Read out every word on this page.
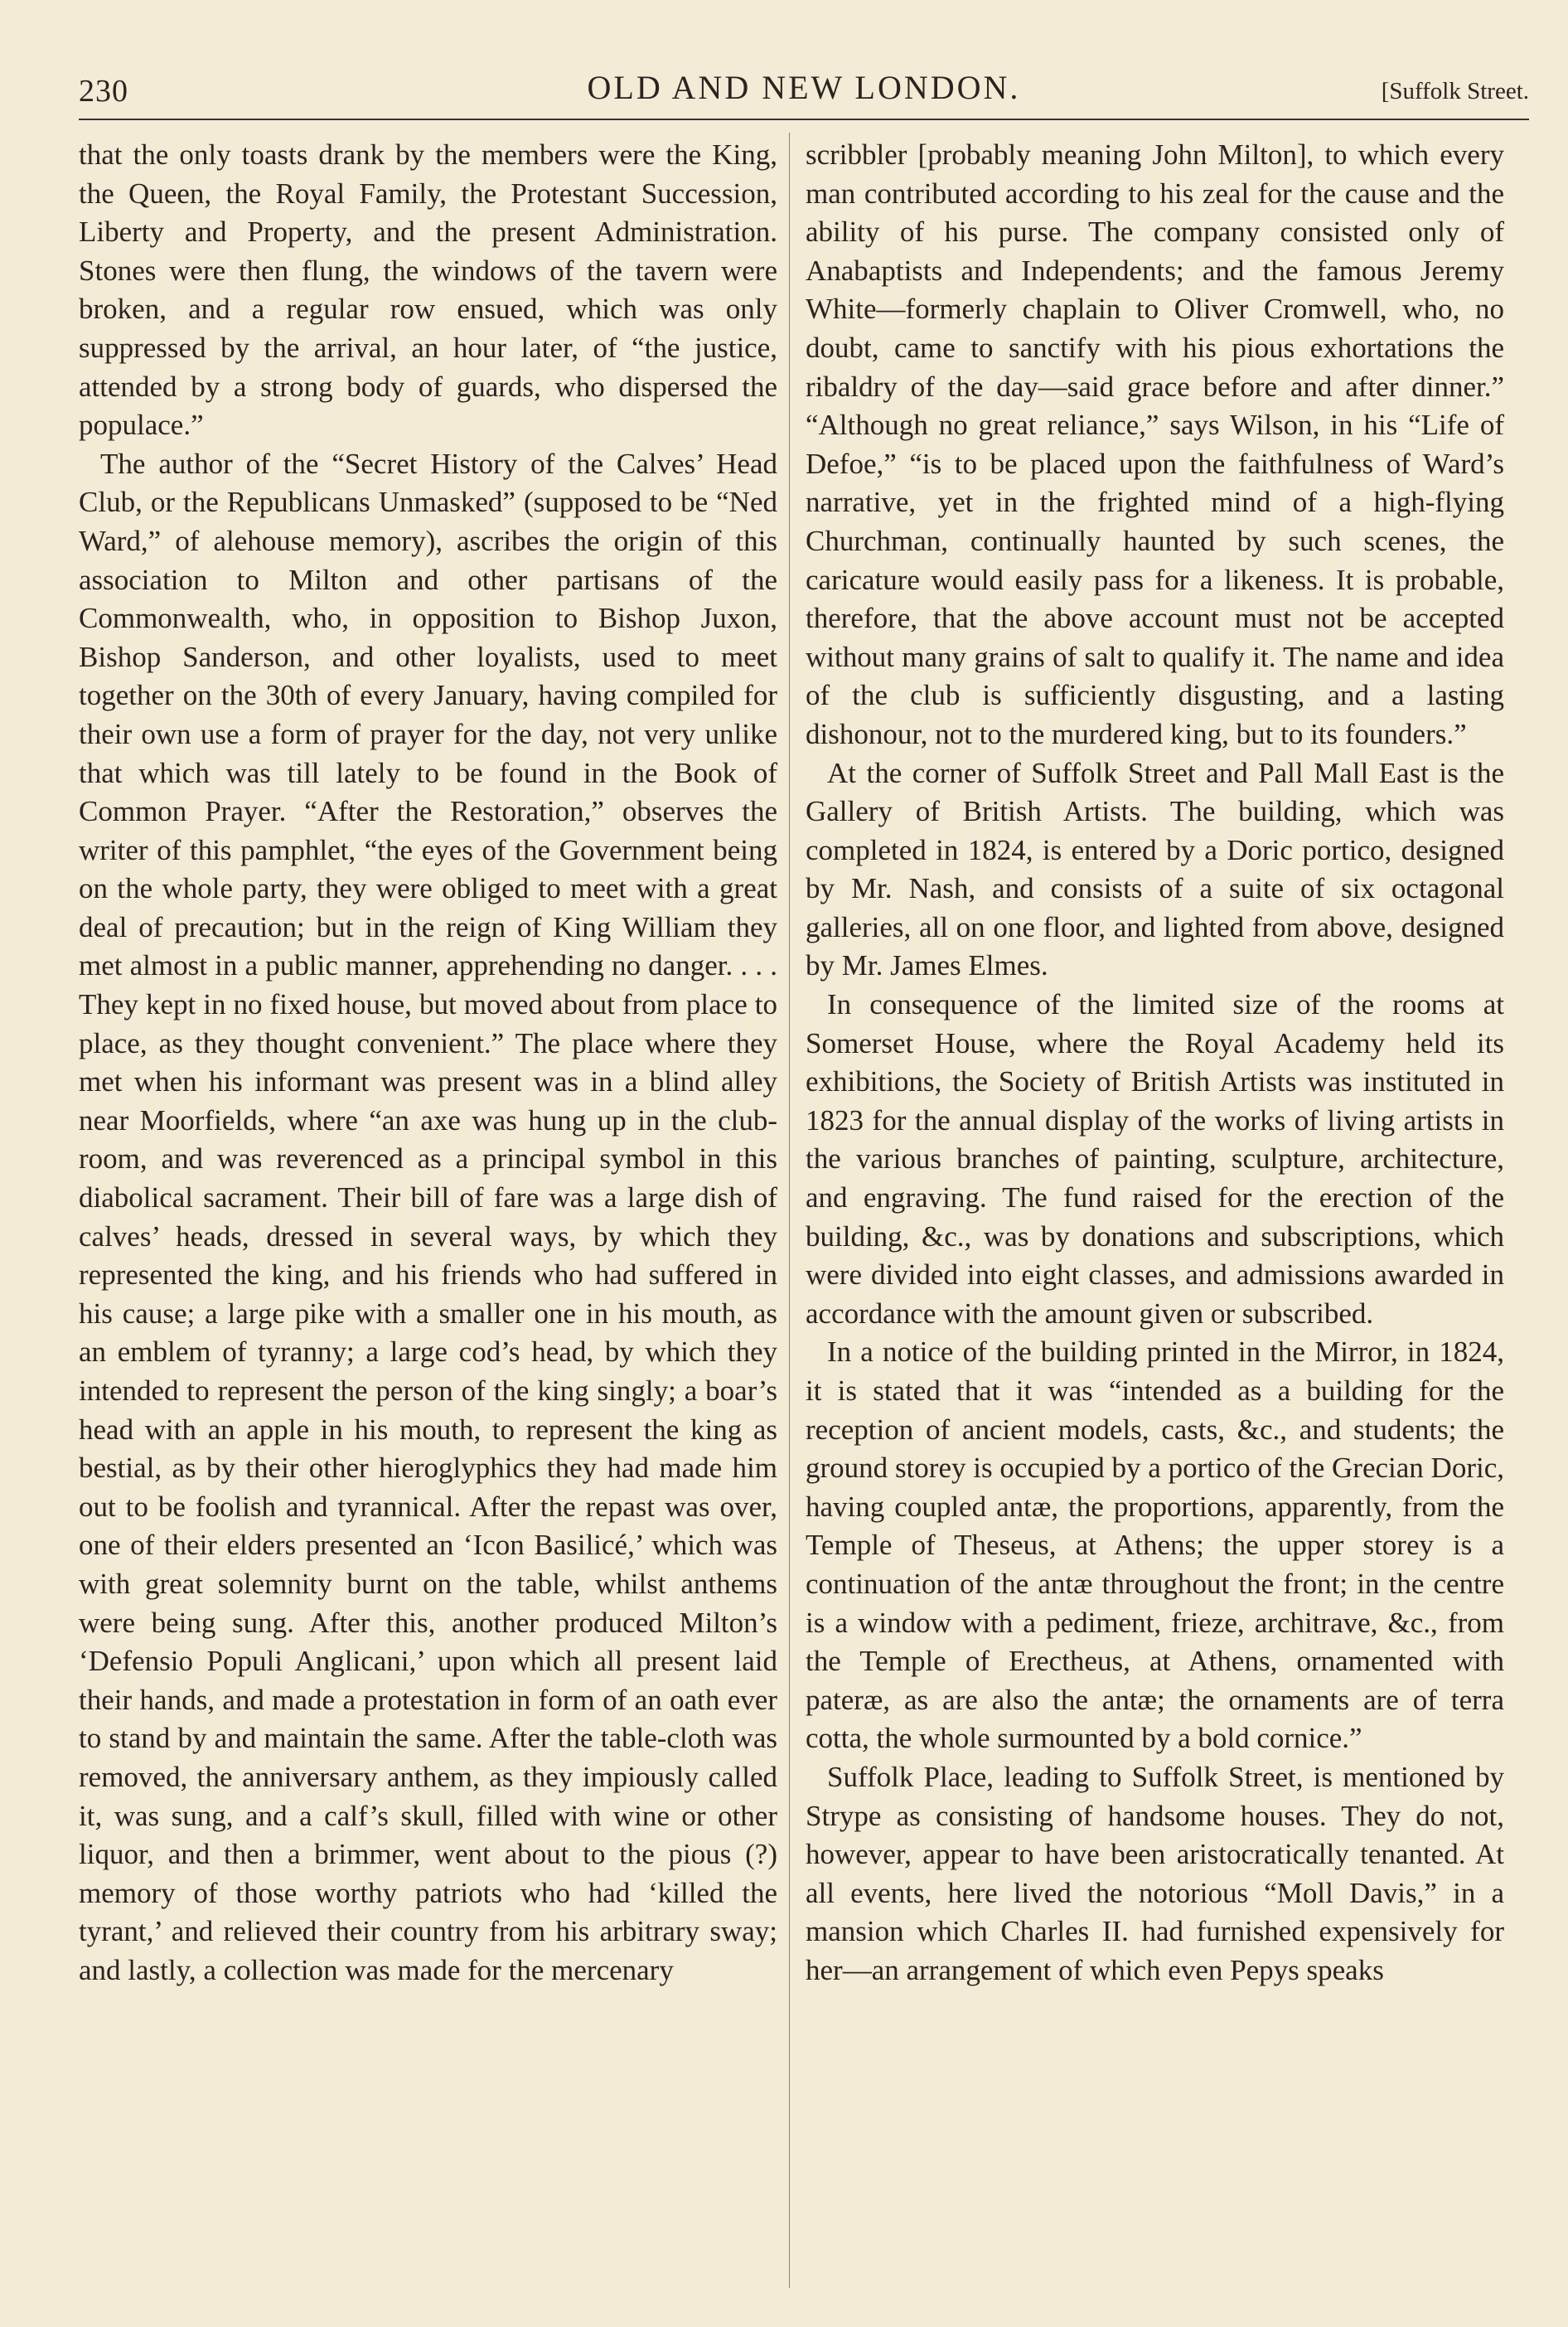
230	OLD AND NEW LONDON.	[Suffolk Street.

that the only toasts drank by the members were the King, the Queen, the Royal Family, the Protestant Succession, Liberty and Property, and the present Administration. Stones were then flung, the windows of the tavern were broken, and a regular row ensued, which was only suppressed by the arrival, an hour later, of “the justice, attended by a strong body of guards, who dispersed the populace.”

The author of the “Secret History of the Calves’ Head Club, or the Republicans Unmasked” (supposed to be “Ned Ward,” of alehouse memory), ascribes the origin of this association to Milton and other partisans of the Commonwealth, who, in opposition to Bishop Juxon, Bishop Sanderson, and other loyalists, used to meet together on the 30th of every January, having compiled for their own use a form of prayer for the day, not very unlike that which was till lately to be found in the Book of Common Prayer. “After the Restoration,” observes the writer of this pamphlet, “the eyes of the Government being on the whole party, they were obliged to meet with a great deal of precaution; but in the reign of King William they met almost in a public manner, apprehending no danger. . . . They kept in no fixed house, but moved about from place to place, as they thought convenient.” The place where they met when his informant was present was in a blind alley near Moorfields, where “an axe was hung up in the club-room, and was reverenced as a principal symbol in this diabolical sacrament. Their bill of fare was a large dish of calves’ heads, dressed in several ways, by which they represented the king, and his friends who had suffered in his cause; a large pike with a smaller one in his mouth, as an emblem of tyranny; a large cod’s head, by which they intended to represent the person of the king singly; a boar’s head with an apple in his mouth, to represent the king as bestial, as by their other hieroglyphics they had made him out to be foolish and tyrannical. After the repast was over, one of their elders presented an ‘Icon Basilicé,’ which was with great solemnity burnt on the table, whilst anthems were being sung. After this, another produced Milton’s ‘Defensio Populi Anglicani,’ upon which all present laid their hands, and made a protestation in form of an oath ever to stand by and maintain the same. After the table-cloth was removed, the anniversary anthem, as they impiously called it, was sung, and a calf’s skull, filled with wine or other liquor, and then a brimmer, went about to the pious (?) memory of those worthy patriots who had ‘killed the tyrant,’ and relieved their country from his arbitrary sway; and lastly, a collection was made for the mercenary

scribbler [probably meaning John Milton], to which every man contributed according to his zeal for the cause and the ability of his purse. The company consisted only of Anabaptists and Independents; and the famous Jeremy White—formerly chaplain to Oliver Cromwell, who, no doubt, came to sanctify with his pious exhortations the ribaldry of the day—said grace before and after dinner.” “Although no great reliance,” says Wilson, in his “Life of Defoe,” “is to be placed upon the faithfulness of Ward’s narrative, yet in the frighted mind of a high-flying Churchman, continually haunted by such scenes, the caricature would easily pass for a likeness. It is probable, therefore, that the above account must not be accepted without many grains of salt to qualify it. The name and idea of the club is sufficiently disgusting, and a lasting dishonour, not to the murdered king, but to its founders.”

At the corner of Suffolk Street and Pall Mall East is the Gallery of British Artists. The building, which was completed in 1824, is entered by a Doric portico, designed by Mr. Nash, and consists of a suite of six octagonal galleries, all on one floor, and lighted from above, designed by Mr. James Elmes.

In consequence of the limited size of the rooms at Somerset House, where the Royal Academy held its exhibitions, the Society of British Artists was instituted in 1823 for the annual display of the works of living artists in the various branches of painting, sculpture, architecture, and engraving. The fund raised for the erection of the building, &c., was by donations and subscriptions, which were divided into eight classes, and admissions awarded in accordance with the amount given or subscribed.

In a notice of the building printed in the Mirror, in 1824, it is stated that it was “intended as a building for the reception of ancient models, casts, &c., and students; the ground storey is occupied by a portico of the Grecian Doric, having coupled antæ, the proportions, apparently, from the Temple of Theseus, at Athens; the upper storey is a continuation of the antæ throughout the front; in the centre is a window with a pediment, frieze, architrave, &c., from the Temple of Erectheus, at Athens, ornamented with pateræ, as are also the antæ; the ornaments are of terra cotta, the whole surmounted by a bold cornice.”

Suffolk Place, leading to Suffolk Street, is mentioned by Strype as consisting of handsome houses. They do not, however, appear to have been aristocratically tenanted. At all events, here lived the notorious “Moll Davis,” in a mansion which Charles II. had furnished expensively for her—an arrangement of which even Pepys speaks
